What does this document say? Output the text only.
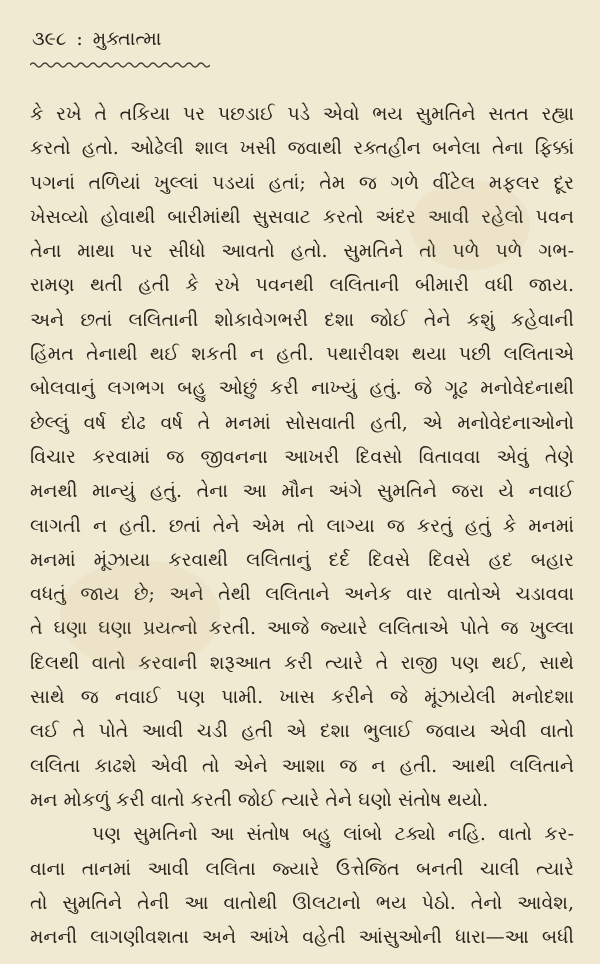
૩૯૮ : મુક્તાત્મા
કે રખે તે તકિયા પર પછડાઈ પડે એવો ભય સુમતિને સતત રહ્યા
કરતો હતો. ઓઢેલી શાલ ખસી જવાથી રક્તહીન બનેલા તેના ફિક્કાં
પગનાં તળિયાં ખુલ્લાં પડયાં હતાં; તેમ જ ગળે વીંટેલ મફલર દૂર
ખેસવ્યો હોવાથી બારીમાંથી સુસવાટ કરતો અંદર આવી રહેલો પવન
તેના માથા પર સીધો આવતો હતો. સુમતિને તો પળે પળે ગભ-
રામણ થતી હતી કે રખે પવનથી લલિતાની બીમારી વધી જાય.
અને છતાં લલિતાની શોકાવેગભરી દશા જોઈ તેને કશું કહેવાની
હિંમત તેનાથી થઈ શકતી ન હતી. પથારીવશ થયા પછી લલિતાએ
બોલવાનું લગભગ બહુ ઓછું કરી નાખ્યું હતું. જે ગૂઢ મનોવેદનાથી
છેલ્લું વર્ષ દોઢ વર્ષ તે મનમાં સોસવાતી હતી, એ મનોવેદનાઓનો
વિચાર કરવામાં જ જીવનના આખરી દિવસો વિતાવવા એવું તેણે
મનથી માન્યું હતું. તેના આ મૌન અંગે સુમતિને જરા યે નવાઈ
લાગતી ન હતી. છતાં તેને એમ તો લાગ્યા જ કરતું હતું કે મનમાં
મનમાં મૂંઝાયા કરવાથી લલિતાનું દર્દ દિવસે દિવસે હદ બહાર
વધતું જાય છે; અને તેથી લલિતાને અનેક વાર વાતોએ ચડાવવા
તે ઘણા ઘણા પ્રયત્નો કરતી. આજે જ્યારે લલિતાએ પોતે જ ખુલ્લા
દિલથી વાતો કરવાની શરૂઆત કરી ત્યારે તે રાજી પણ થઈ, સાથે
સાથે જ નવાઈ પણ પામી. ખાસ કરીને જે મૂંઝાયેલી મનોદશા
લઈ તે પોતે આવી ચડી હતી એ દશા ભુલાઈ જવાય એવી વાતો
લલિતા કાઢશે એવી તો એને આશા જ ન હતી. આથી લલિતાને
મન મોકળું કરી વાતો કરતી જોઈ ત્યારે તેને ઘણો સંતોષ થયો.
પણ સુમતિનો આ સંતોષ બહુ લાંબો ટક્યો નહિ. વાતો કર-
વાના તાનમાં આવી લલિતા જ્યારે ઉત્તેજિત બનતી ચાલી ત્યારે
તો સુમતિને તેની આ વાતોથી ઊલટાનો ભય પેઠો. તેનો આવેશ,
મનની લાગણીવશતા અને આંખે વહેતી આંસુઓની ધારા—આ બધી
